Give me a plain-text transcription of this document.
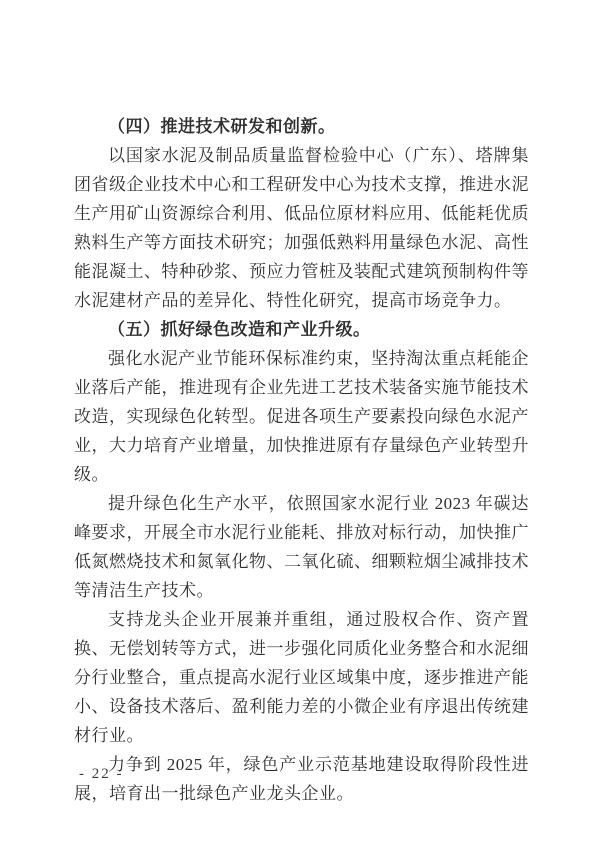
（四）推进技术研发和创新。

以国家水泥及制品质量监督检验中心（广东）、塔牌集团省级企业技术中心和工程研发中心为技术支撑，推进水泥生产用矿山资源综合利用、低品位原材料应用、低能耗优质熟料生产等方面技术研究；加强低熟料用量绿色水泥、高性能混凝土、特种砂浆、预应力管桩及装配式建筑预制构件等水泥建材产品的差异化、特性化研究，提高市场竞争力。

（五）抓好绿色改造和产业升级。

强化水泥产业节能环保标准约束，坚持淘汰重点耗能企业落后产能，推进现有企业先进工艺技术装备实施节能技术改造，实现绿色化转型。促进各项生产要素投向绿色水泥产业，大力培育产业增量，加快推进原有存量绿色产业转型升级。

提升绿色化生产水平，依照国家水泥行业 2023 年碳达峰要求，开展全市水泥行业能耗、排放对标行动，加快推广低氮燃烧技术和氮氧化物、二氧化硫、细颗粒烟尘减排技术等清洁生产技术。

支持龙头企业开展兼并重组，通过股权合作、资产置换、无偿划转等方式，进一步强化同质化业务整合和水泥细分行业整合，重点提高水泥行业区域集中度，逐步推进产能小、设备技术落后、盈利能力差的小微企业有序退出传统建材行业。

力争到 2025 年，绿色产业示范基地建设取得阶段性进展，培育出一批绿色产业龙头企业。

- 22 -
